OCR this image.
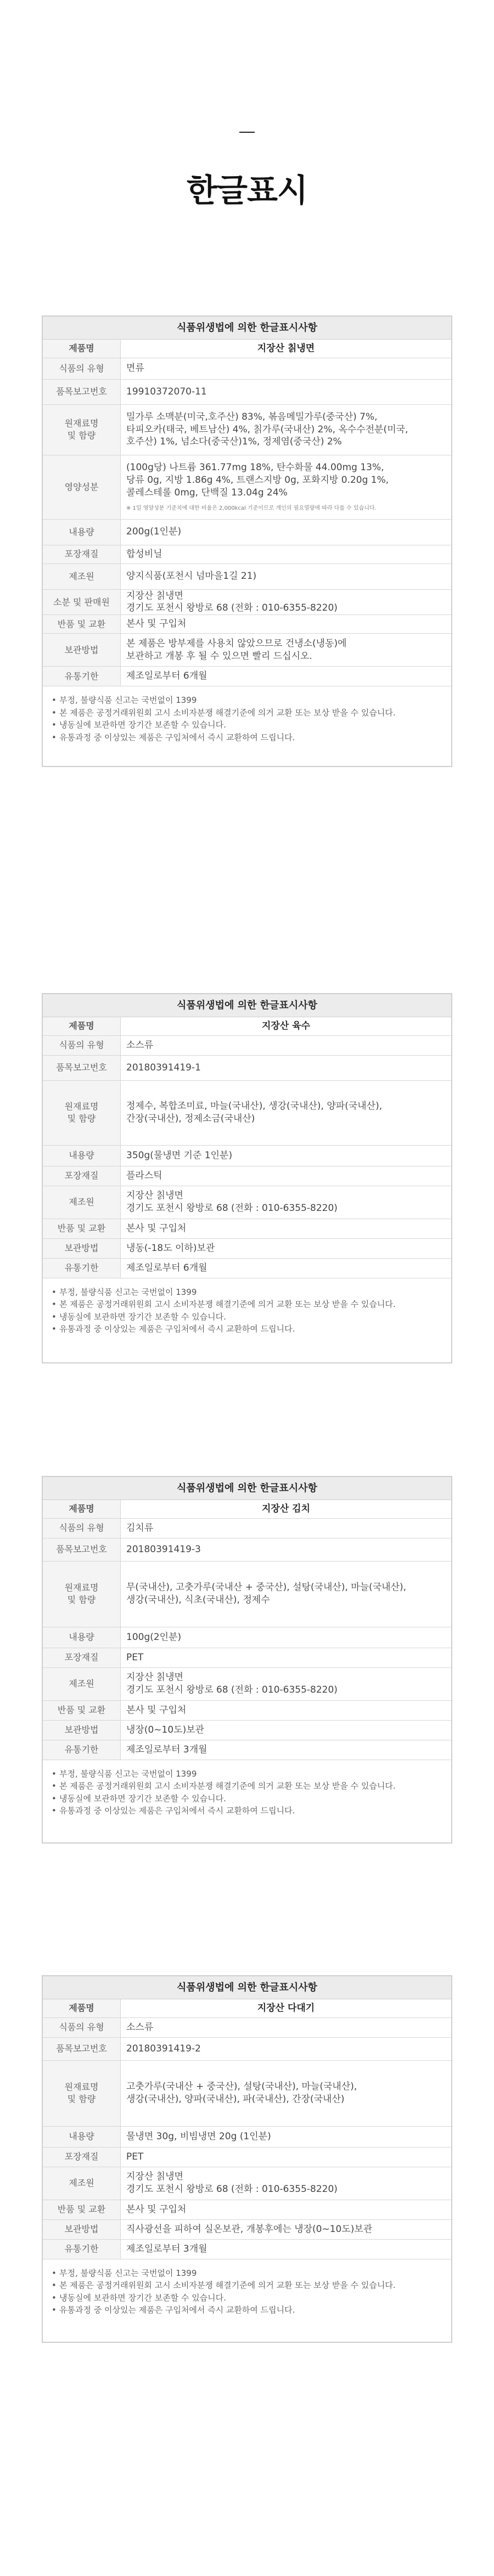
한글표시
식품위생법에 의한 한글표시사항
제품명	지장산 칡냉면
식품의 유형	면류
품목보고번호	19910372070-11
원재료명
및 함량	밀가루 소맥분(미국,호주산) 83%, 볶음메밀가루(중국산) 7%,
타피오카(태국, 베트남산) 4%, 칡가루(국내산) 2%, 옥수수전분(미국,
호주산) 1%, 넘소다(중국산)1%, 정제염(중국산) 2%
영양성분	(100g당) 나트륨 361.77mg 18%, 탄수화물 44.00mg 13%,
당류 0g, 지방 1.86g 4%, 트랜스지방 0g, 포화지방 0.20g 1%,
콜레스테롤 0mg, 단백질 13.04g 24%
※ 1일 영양성분 기준치에 대한 비율은 2,000kcal 기준이므로 개인의 필요열량에 따라 다를 수 있습니다.

내용량	200g(1인분)
포장재질	합성비닐
제조원	양지식품(포천시 넘마을1길 21)
소분 및 판매원	지장산 칡냉면
경기도 포천시 왕방로 68 (전화 : 010-6355-8220)
반품 및 교환	본사 및 구입처
보관방법	본 제품은 방부제를 사용치 않았으므로 건냉소(냉동)에
보관하고 개봉 후 될 수 있으면 빨리 드십시오.
유통기한	제조일로부터 6개월
• 부정, 불량식품 신고는 국번없이 1399
• 본 제품은 공정거래위원회 고시 소비자분쟁 해결기준에 의거 교환 또는 보상 받을 수 있습니다.
• 냉동실에 보관하면 장기간 보존할 수 있습니다.
• 유통과정 중 이상있는 제품은 구입처에서 즉시 교환하여 드립니다.
식품위생법에 의한 한글표시사항
제품명	지장산 육수
식품의 유형	소스류
품목보고번호	20180391419-1
원재료명
및 함량	정제수, 복합조미료, 마늘(국내산), 생강(국내산), 양파(국내산),
간장(국내산), 정제소금(국내산)
내용량	350g(물냉면 기준 1인분)
포장재질	플라스틱
제조원	지장산 칡냉면
경기도 포천시 왕방로 68 (전화 : 010-6355-8220)
반품 및 교환	본사 및 구입처
보관방법	냉동(-18도 이하)보관
유통기한	제조일로부터 6개월
• 부정, 불량식품 신고는 국번없이 1399
• 본 제품은 공정거래위원회 고시 소비자분쟁 해결기준에 의거 교환 또는 보상 받을 수 있습니다.
• 냉동실에 보관하면 장기간 보존할 수 있습니다.
• 유통과정 중 이상있는 제품은 구입처에서 즉시 교환하여 드립니다.
식품위생법에 의한 한글표시사항
제품명	지장산 김치
식품의 유형	김치류
품목보고번호	20180391419-3
원재료명
및 함량	무(국내산), 고춧가루(국내산 + 중국산), 설탕(국내산), 마늘(국내산),
생강(국내산), 식초(국내산), 정제수
내용량	100g(2인분)
포장재질	PET
제조원	지장산 칡냉면
경기도 포천시 왕방로 68 (전화 : 010-6355-8220)
반품 및 교환	본사 및 구입처
보관방법	냉장(0~10도)보관
유통기한	제조일로부터 3개월
• 부정, 불량식품 신고는 국번없이 1399
• 본 제품은 공정거래위원회 고시 소비자분쟁 해결기준에 의거 교환 또는 보상 받을 수 있습니다.
• 냉동실에 보관하면 장기간 보존할 수 있습니다.
• 유통과정 중 이상있는 제품은 구입처에서 즉시 교환하여 드립니다.
식품위생법에 의한 한글표시사항
제품명	지장산 다대기
식품의 유형	소스류
품목보고번호	20180391419-2
원재료명
및 함량	고춧가루(국내산 + 중국산), 설탕(국내산), 마늘(국내산),
생강(국내산), 양파(국내산), 파(국내산), 간장(국내산)
내용량	물냉면 30g, 비빔냉면 20g (1인분)
포장재질	PET
제조원	지장산 칡냉면
경기도 포천시 왕방로 68 (전화 : 010-6355-8220)
반품 및 교환	본사 및 구입처
보관방법	직사광선을 피하여 실온보관, 개봉후에는 냉장(0~10도)보관
유통기한	제조일로부터 3개월
• 부정, 불량식품 신고는 국번없이 1399
• 본 제품은 공정거래위원회 고시 소비자분쟁 해결기준에 의거 교환 또는 보상 받을 수 있습니다.
• 냉동실에 보관하면 장기간 보존할 수 있습니다.
• 유통과정 중 이상있는 제품은 구입처에서 즉시 교환하여 드립니다.
